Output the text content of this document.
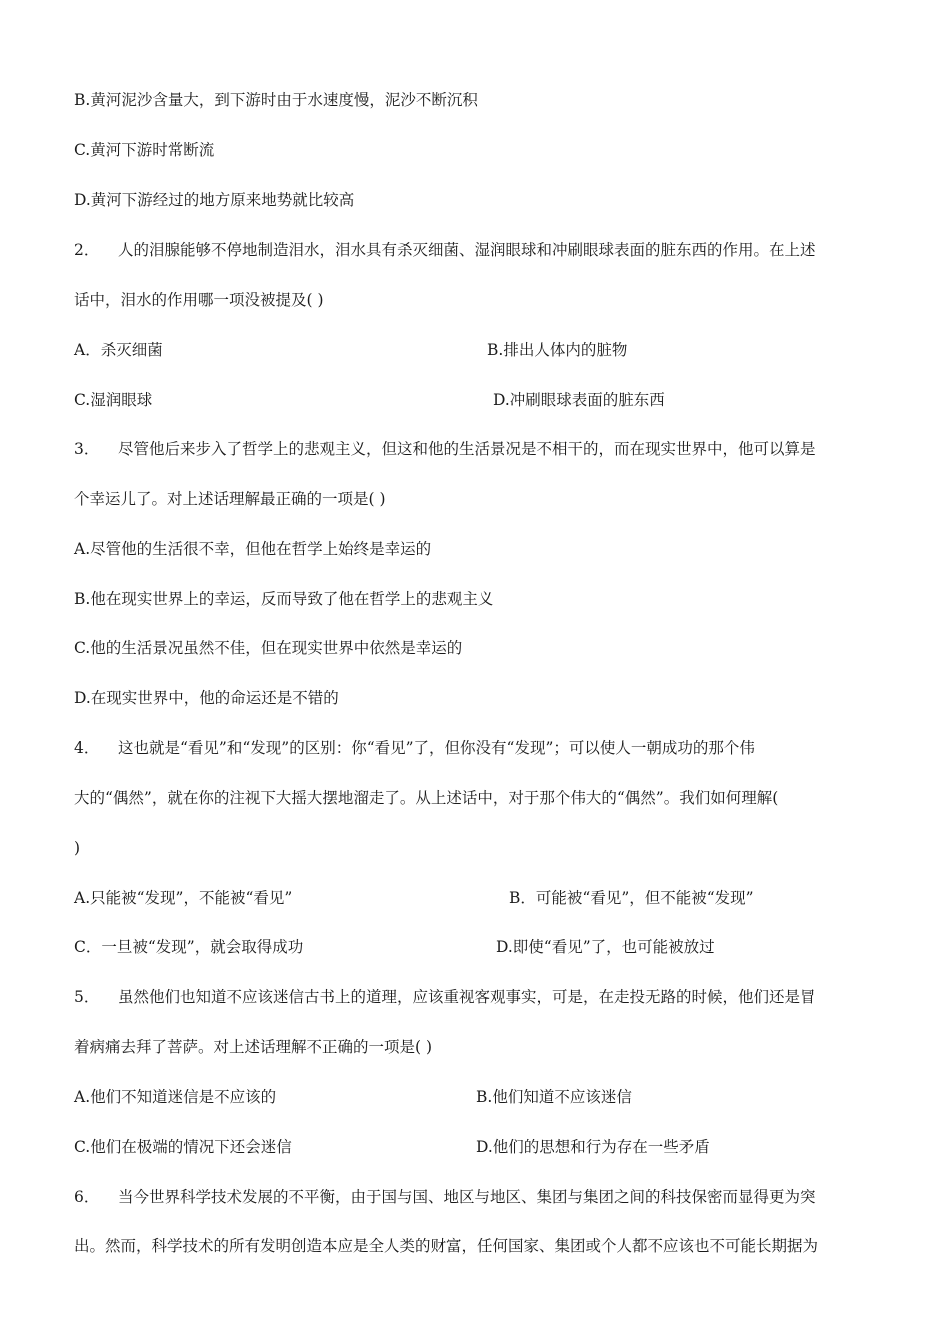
B.黄河泥沙含量大，到下游时由于水速度慢，泥沙不断沉积
C.黄河下游时常断流
D.黄河下游经过的地方原来地势就比较高
2． 人的泪腺能够不停地制造泪水，泪水具有杀灭细菌、湿润眼球和冲刷眼球表面的脏东西的作用。在上述
话中，泪水的作用哪一项没被提及( )
A．杀灭细菌	B.排出人体内的脏物
C.湿润眼球	D.冲刷眼球表面的脏东西
3． 尽管他后来步入了哲学上的悲观主义，但这和他的生活景况是不相干的，而在现实世界中，他可以算是
个幸运儿了。对上述话理解最正确的一项是( )
A.尽管他的生活很不幸，但他在哲学上始终是幸运的
B.他在现实世界上的幸运，反而导致了他在哲学上的悲观主义
C.他的生活景况虽然不佳，但在现实世界中依然是幸运的
D.在现实世界中，他的命运还是不错的
4． 这也就是“看见”和“发现”的区别：你“看见”了，但你没有“发现”；可以使人一朝成功的那个伟
大的“偶然”，就在你的注视下大摇大摆地溜走了。从上述话中，对于那个伟大的“偶然”。我们如何理解(
)
A.只能被“发现”，不能被“看见”	B．可能被“看见”，但不能被“发现”
C．一旦被“发现”，就会取得成功	D.即使“看见”了，也可能被放过
5． 虽然他们也知道不应该迷信古书上的道理，应该重视客观事实，可是，在走投无路的时候，他们还是冒
着病痛去拜了菩萨。对上述话理解不正确的一项是( )
A.他们不知道迷信是不应该的	B.他们知道不应该迷信
C.他们在极端的情况下还会迷信	D.他们的思想和行为存在一些矛盾
6． 当今世界科学技术发展的不平衡，由于国与国、地区与地区、集团与集团之间的科技保密而显得更为突
出。然而，科学技术的所有发明创造本应是全人类的财富，任何国家、集团或个人都不应该也不可能长期据为
